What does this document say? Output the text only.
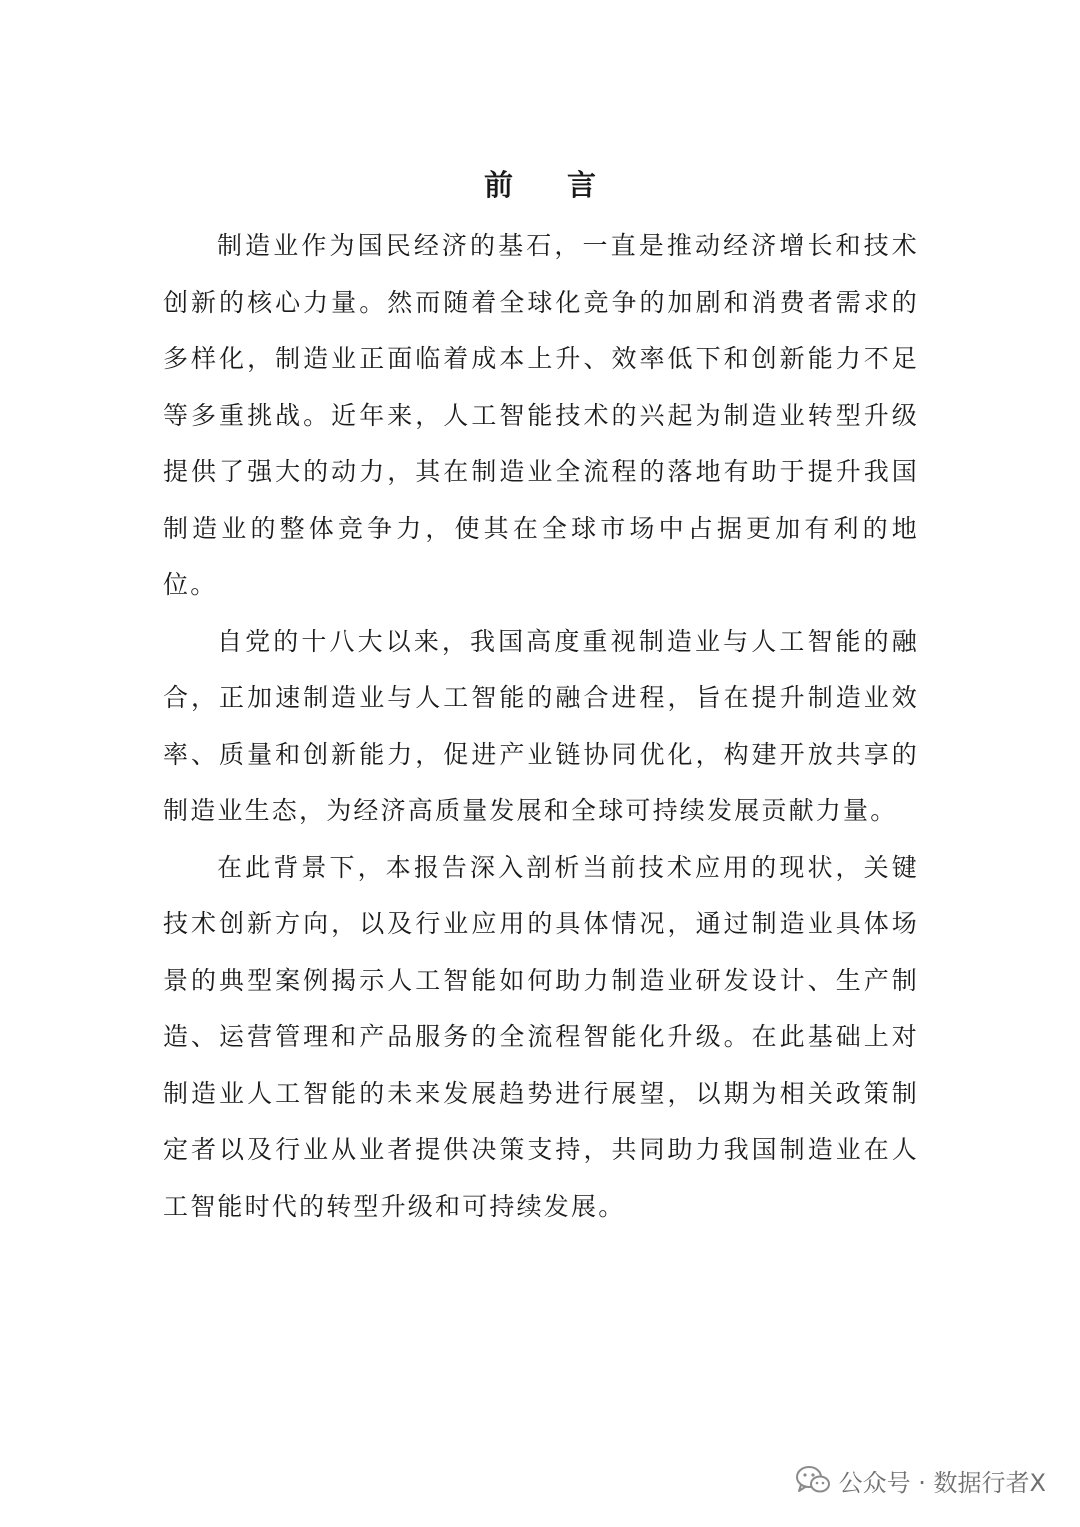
前 言

制造业作为国民经济的基石，一直是推动经济增长和技术创新的核心力量。然而随着全球化竞争的加剧和消费者需求的多样化，制造业正面临着成本上升、效率低下和创新能力不足等多重挑战。近年来，人工智能技术的兴起为制造业转型升级提供了强大的动力，其在制造业全流程的落地有助于提升我国制造业的整体竞争力，使其在全球市场中占据更加有利的地位。

自党的十八大以来，我国高度重视制造业与人工智能的融合，正加速制造业与人工智能的融合进程，旨在提升制造业效率、质量和创新能力，促进产业链协同优化，构建开放共享的制造业生态，为经济高质量发展和全球可持续发展贡献力量。

在此背景下，本报告深入剖析当前技术应用的现状，关键技术创新方向，以及行业应用的具体情况，通过制造业具体场景的典型案例揭示人工智能如何助力制造业研发设计、生产制造、运营管理和产品服务的全流程智能化升级。在此基础上对制造业人工智能的未来发展趋势进行展望，以期为相关政策制定者以及行业从业者提供决策支持，共同助力我国制造业在人工智能时代的转型升级和可持续发展。

公众号 · 数据行者X
